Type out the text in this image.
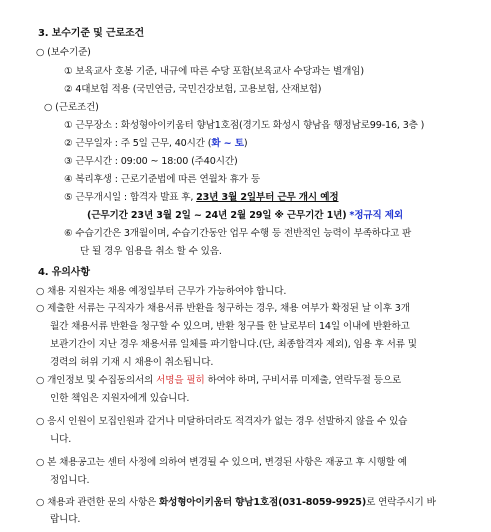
3. 보수기준 및 근로조건
○ (보수기준)
① 보육교사 호봉 기준, 내규에 따른 수당 포함(보육교사 수당과는 별개임)
② 4대보험 적용 (국민연금, 국민건강보험, 고용보험, 산재보험)
○ (근로조건)
① 근무장소 : 화성형아이키움터 향남1호점(경기도 화성시 향남읍 행정남로99-16, 3층 )
② 근무일자 : 주 5일 근무, 40시간 (화 ~ 토)
③ 근무시간 : 09:00 ~ 18:00 (주40시간)
④ 복리후생 : 근로기준법에 따른 연월차 휴가 등
⑤ 근무개시일 : 합격자 발표 후, 23년 3월 2일부터 근무 개시 예정
(근무기간 23년 3월 2일 ~ 24년 2월 29일 ※ 근무기간 1년) *정규직 제외
⑥ 수습기간은 3개월이며, 수습기간동안 업무 수행 등 전반적인 능력이 부족하다고 판
단 될 경우 임용을 취소 할 수 있음.
4. 유의사항
○ 채용 지원자는 채용 예정일부터 근무가 가능하여야 합니다.
○ 제출한 서류는 구직자가 채용서류 반환을 청구하는 경우, 채용 여부가 확정된 날 이후 3개
월간 채용서류 반환을 청구할 수 있으며, 반환 청구를 한 날로부터 14일 이내에 반환하고
보관기간이 지난 경우 채용서류 일체를 파기합니다.(단, 최종합격자 제외), 임용 후 서류 및
경력의 허위 기재 시 채용이 취소됩니다.
○ 개인정보 및 수집동의서의 서명을 필히 하여야 하며, 구비서류 미제출, 연락두절 등으로
인한 책임은 지원자에게 있습니다.
○ 응시 인원이 모집인원과 같거나 미달하더라도 적격자가 없는 경우 선발하지 않을 수 있습
니다.
○ 본 채용공고는 센터 사정에 의하여 변경될 수 있으며, 변경된 사항은 재공고 후 시행할 예
정입니다.
○ 채용과 관련한 문의 사항은 화성형아이키움터 향남1호점(031-8059-9925)로 연락주시기 바
랍니다.
